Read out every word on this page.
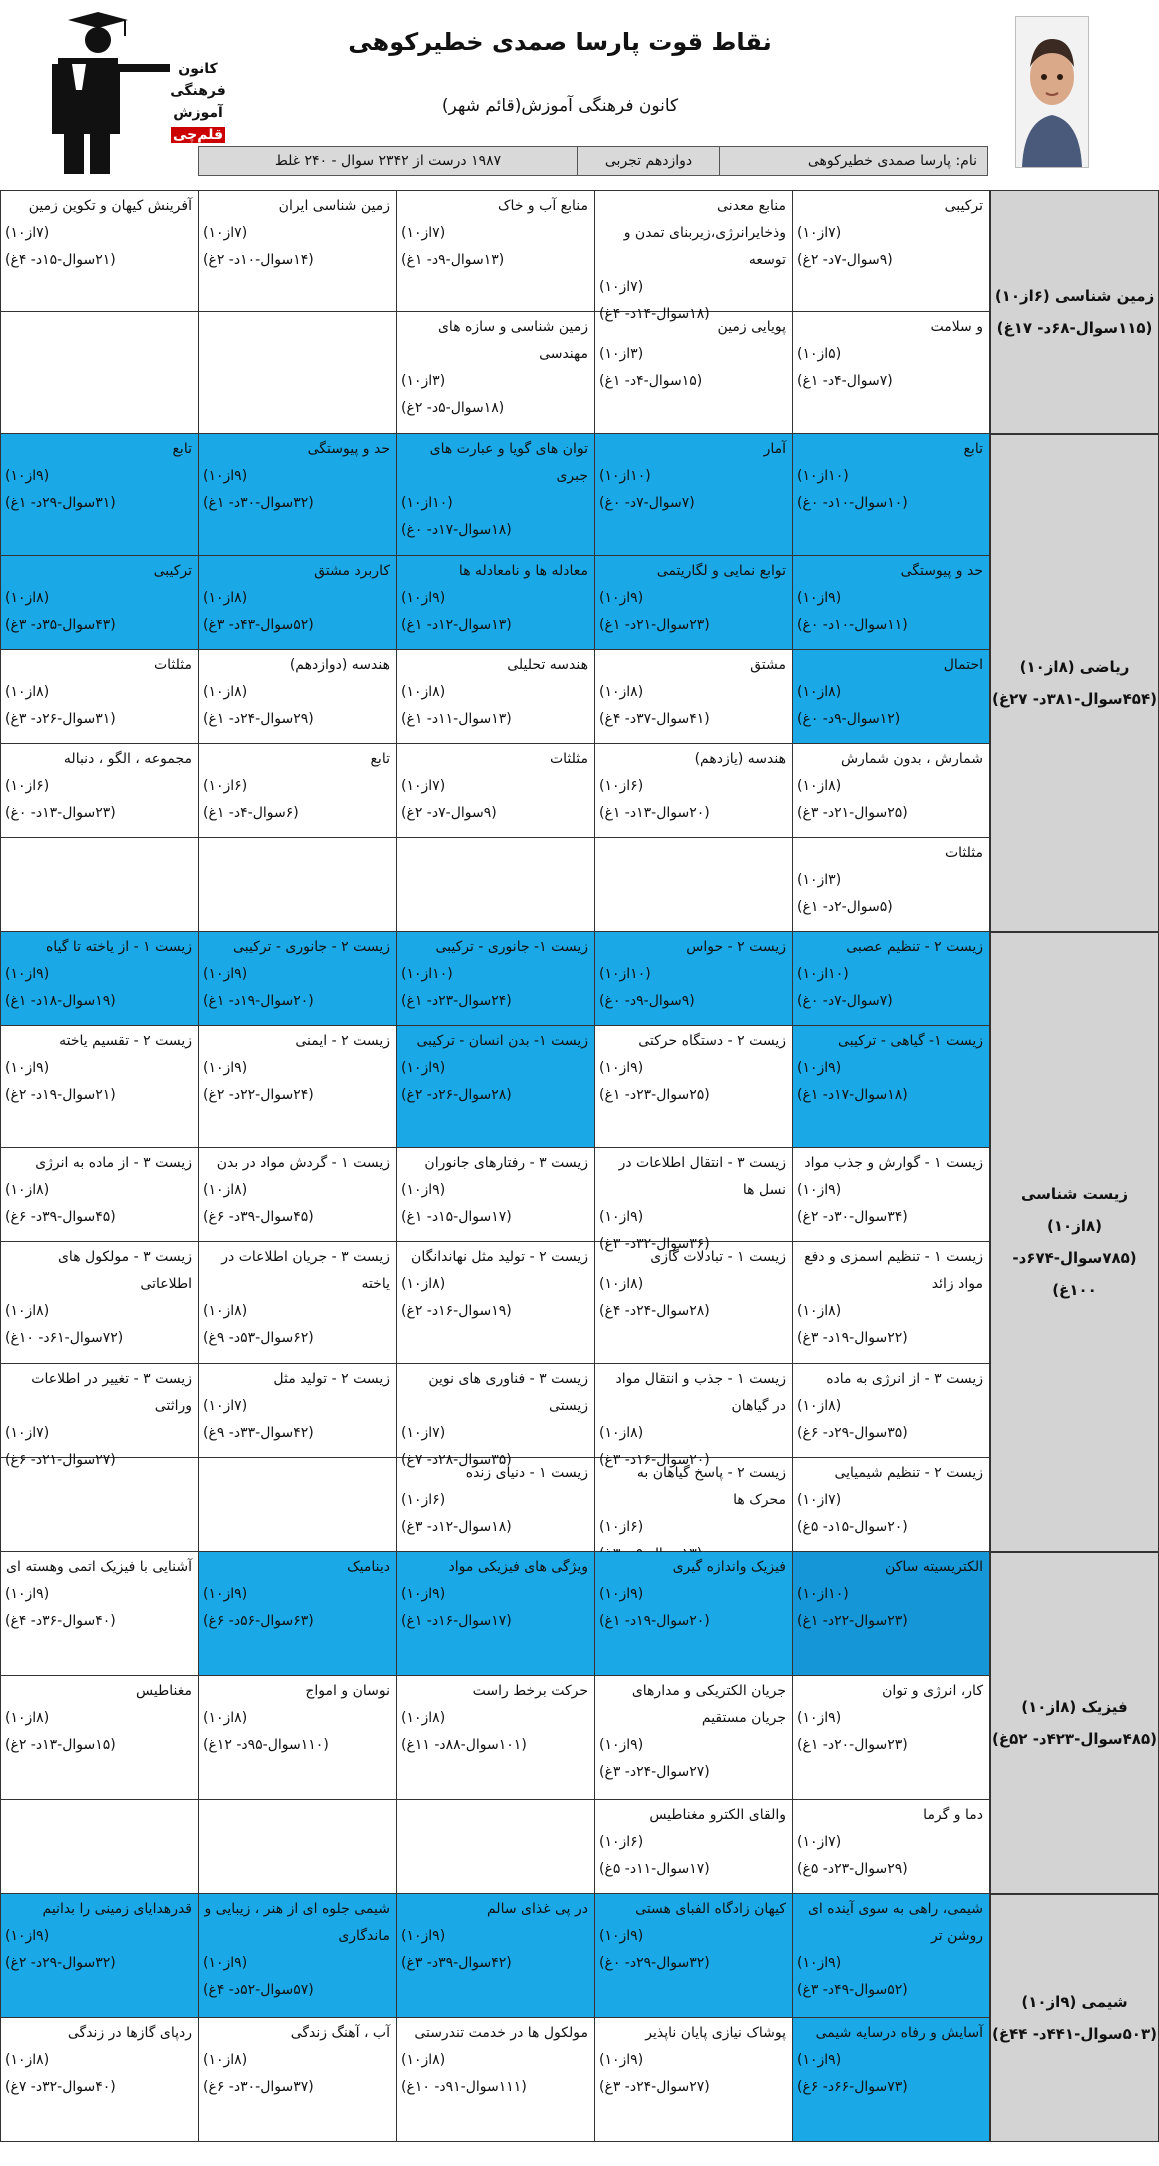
کانون
فرهنگی
آموزش
قلم‌چی
نقاط قوت پارسا صمدی خطیرکوهی
کانون فرهنگی آموزش(قائم شهر)
نام: پارسا صمدی خطیرکوهی
دوازدهم تجربی
۱۹۸۷ درست از ۲۳۴۲ سوال - ۲۴۰ غلط
ترکیبی
(۷از۱۰)
(۹سوال-۷د- ۲غ)
منابع معدنی وذخایرانرژی،زیربنای تمدن و توسعه
(۷از۱۰)
(۱۸سوال-۱۴د- ۴غ)
منابع آب و خاک
(۷از۱۰)
(۱۳سوال-۹د- ۱غ)
زمین شناسی ایران
(۷از۱۰)
(۱۴سوال-۱۰د- ۲غ)
آفرینش کیهان و تکوین زمین
(۷از۱۰)
(۲۱سوال-۱۵د- ۴غ)
و سلامت
(۵از۱۰)
(۷سوال-۴د- ۱غ)
پویایی زمین
(۳از۱۰)
(۱۵سوال-۴د- ۱غ)
زمین شناسی و سازه های مهندسی
(۳از۱۰)
(۱۸سوال-۵د- ۲غ)
زمین شناسی (۶از۱۰)
(۱۱۵سوال-۶۸د- ۱۷غ)
تابع
(۱۰از۱۰)
(۱۰سوال-۱۰د- ۰غ)
آمار
(۱۰از۱۰)
(۷سوال-۷د- ۰غ)
توان های گویا و عبارت های جبری
(۱۰از۱۰)
(۱۸سوال-۱۷د- ۰غ)
حد و پیوستگی
(۹از۱۰)
(۳۲سوال-۳۰د- ۱غ)
تابع
(۹از۱۰)
(۳۱سوال-۲۹د- ۱غ)
حد و پیوستگی
(۹از۱۰)
(۱۱سوال-۱۰د- ۰غ)
توابع نمایی و لگاریتمی
(۹از۱۰)
(۲۳سوال-۲۱د- ۱غ)
معادله ها و نامعادله ها
(۹از۱۰)
(۱۳سوال-۱۲د- ۱غ)
کاربرد مشتق
(۸از۱۰)
(۵۲سوال-۴۳د- ۳غ)
ترکیبی
(۸از۱۰)
(۴۳سوال-۳۵د- ۳غ)
احتمال
(۸از۱۰)
(۱۲سوال-۹د- ۰غ)
مشتق
(۸از۱۰)
(۴۱سوال-۳۷د- ۴غ)
هندسه تحلیلی
(۸از۱۰)
(۱۳سوال-۱۱د- ۱غ)
هندسه (دوازدهم)
(۸از۱۰)
(۲۹سوال-۲۴د- ۱غ)
مثلثات
(۸از۱۰)
(۳۱سوال-۲۶د- ۳غ)
شمارش ، بدون شمارش
(۸از۱۰)
(۲۵سوال-۲۱د- ۳غ)
هندسه (یازدهم)
(۶از۱۰)
(۲۰سوال-۱۳د- ۱غ)
مثلثات
(۷از۱۰)
(۹سوال-۷د- ۲غ)
تابع
(۶از۱۰)
(۶سوال-۴د- ۱غ)
مجموعه ، الگو ، دنباله
(۶از۱۰)
(۲۳سوال-۱۳د- ۰غ)
مثلثات
(۳از۱۰)
(۵سوال-۲د- ۱غ)
ریاضی (۸از۱۰)
(۴۵۴سوال-۳۸۱د- ۲۷غ)
زیست ۲ - تنظیم عصبی
(۱۰از۱۰)
(۷سوال-۷د- ۰غ)
زیست ۲ - حواس
(۱۰از۱۰)
(۹سوال-۹د- ۰غ)
زیست ۱- جانوری - ترکیبی
(۱۰از۱۰)
(۲۴سوال-۲۳د- ۱غ)
زیست ۲ - جانوری - ترکیبی
(۹از۱۰)
(۲۰سوال-۱۹د- ۱غ)
زیست ۱ - از یاخته تا گیاه
(۹از۱۰)
(۱۹سوال-۱۸د- ۱غ)
زیست ۱- گیاهی - ترکیبی
(۹از۱۰)
(۱۸سوال-۱۷د- ۱غ)
زیست ۲ - دستگاه حرکتی
(۹از۱۰)
(۲۵سوال-۲۳د- ۱غ)
زیست ۱- بدن انسان - ترکیبی
(۹از۱۰)
(۲۸سوال-۲۶د- ۲غ)
زیست ۲ - ایمنی
(۹از۱۰)
(۲۴سوال-۲۲د- ۲غ)
زیست ۲ - تقسیم یاخته
(۹از۱۰)
(۲۱سوال-۱۹د- ۲غ)
زیست ۱ - گوارش و جذب مواد
(۹از۱۰)
(۳۴سوال-۳۰د- ۲غ)
زیست ۳ - انتقال اطلاعات در نسل ها
(۹از۱۰)
(۳۶سوال-۳۲د- ۳غ)
زیست ۳ - رفتارهای جانوران
(۹از۱۰)
(۱۷سوال-۱۵د- ۱غ)
زیست ۱ - گردش مواد در بدن
(۸از۱۰)
(۴۵سوال-۳۹د- ۶غ)
زیست ۳ - از ماده به انرژی
(۸از۱۰)
(۴۵سوال-۳۹د- ۶غ)
زیست ۱ - تنظیم اسمزی و دفع مواد زائد
(۸از۱۰)
(۲۲سوال-۱۹د- ۳غ)
زیست ۱ - تبادلات گازی
(۸از۱۰)
(۲۸سوال-۲۴د- ۴غ)
زیست ۲ - تولید مثل نهاندانگان
(۸از۱۰)
(۱۹سوال-۱۶د- ۲غ)
زیست ۳ - جریان اطلاعات در یاخته
(۸از۱۰)
(۶۲سوال-۵۳د- ۹غ)
زیست ۳ - مولکول های اطلاعاتی
(۸از۱۰)
(۷۲سوال-۶۱د- ۱۰غ)
زیست ۳ - از انرژی به ماده
(۸از۱۰)
(۳۵سوال-۲۹د- ۶غ)
زیست ۱ - جذب و انتقال مواد در گیاهان
(۸از۱۰)
(۲۰سوال-۱۶د- ۳غ)
زیست ۳ - فناوری های نوین زیستی
(۷از۱۰)
(۳۵سوال-۲۸د- ۷غ)
زیست ۲ - تولید مثل
(۷از۱۰)
(۴۲سوال-۳۳د- ۹غ)
زیست ۳ - تغییر در اطلاعات وراثتی
(۷از۱۰)
(۲۷سوال-۲۱د- ۶غ)
زیست ۲ - تنظیم شیمیایی
(۷از۱۰)
(۲۰سوال-۱۵د- ۵غ)
زیست ۲ - پاسخ گیاهان به محرک ها
(۶از۱۰)
زیست ۱ - دنیای زنده
(۶از۱۰)
(۱۸سوال-۱۲د- ۳غ)
زیست شناسی (۸از۱۰)
(۷۸۵سوال-۶۷۴د- ۱۰۰غ)
الکتریسیته ساکن
(۱۰از۱۰)
(۲۳سوال-۲۲د- ۱غ)
فیزیک واندازه گیری
(۹از۱۰)
(۲۰سوال-۱۹د- ۱غ)
ویژگی های فیزیکی مواد
(۹از۱۰)
(۱۷سوال-۱۶د- ۱غ)
دینامیک
(۹از۱۰)
(۶۳سوال-۵۶د- ۶غ)
آشنایی با فیزیک اتمی وهسته ای
(۹از۱۰)
(۴۰سوال-۳۶د- ۴غ)
کار، انرژی و توان
(۹از۱۰)
(۲۳سوال-۲۰د- ۱غ)
جریان الکتریکی و مدارهای جریان مستقیم
(۹از۱۰)
(۲۷سوال-۲۴د- ۳غ)
حرکت برخط راست
(۸از۱۰)
(۱۰۱سوال-۸۸د- ۱۱غ)
نوسان و امواج
(۸از۱۰)
(۱۱۰سوال-۹۵د- ۱۲غ)
مغناطیس
(۸از۱۰)
(۱۵سوال-۱۳د- ۲غ)
دما و گرما
(۷از۱۰)
(۲۹سوال-۲۳د- ۵غ)
والقای الکترو مغناطیس
(۶از۱۰)
(۱۷سوال-۱۱د- ۵غ)
فیزیک (۸از۱۰)
(۴۸۵سوال-۴۲۳د- ۵۲غ)
شیمی، راهی به سوی آینده ای روشن تر
(۹از۱۰)
(۵۲سوال-۴۹د- ۳غ)
کیهان زادگاه الفبای هستی
(۹از۱۰)
(۳۲سوال-۲۹د- ۰غ)
در پی غذای سالم
(۹از۱۰)
(۴۲سوال-۳۹د- ۳غ)
شیمی جلوه ای از هنر ، زیبایی و ماندگاری
(۹از۱۰)
(۵۷سوال-۵۲د- ۴غ)
قدرهدایای زمینی را بدانیم
(۹از۱۰)
(۳۲سوال-۲۹د- ۲غ)
آسایش و رفاه درسایه شیمی
(۹از۱۰)
(۷۳سوال-۶۶د- ۶غ)
پوشاک نیازی پایان ناپذیر
(۹از۱۰)
(۲۷سوال-۲۴د- ۳غ)
مولکول ها در خدمت تندرستی
(۸از۱۰)
(۱۱۱سوال-۹۱د- ۱۰غ)
آب ، آهنگ زندگی
(۸از۱۰)
(۳۷سوال-۳۰د- ۶غ)
ردپای گازها در زندگی
(۸از۱۰)
(۴۰سوال-۳۲د- ۷غ)
شیمی (۹از۱۰)
(۵۰۳سوال-۴۴۱د- ۴۴غ)
